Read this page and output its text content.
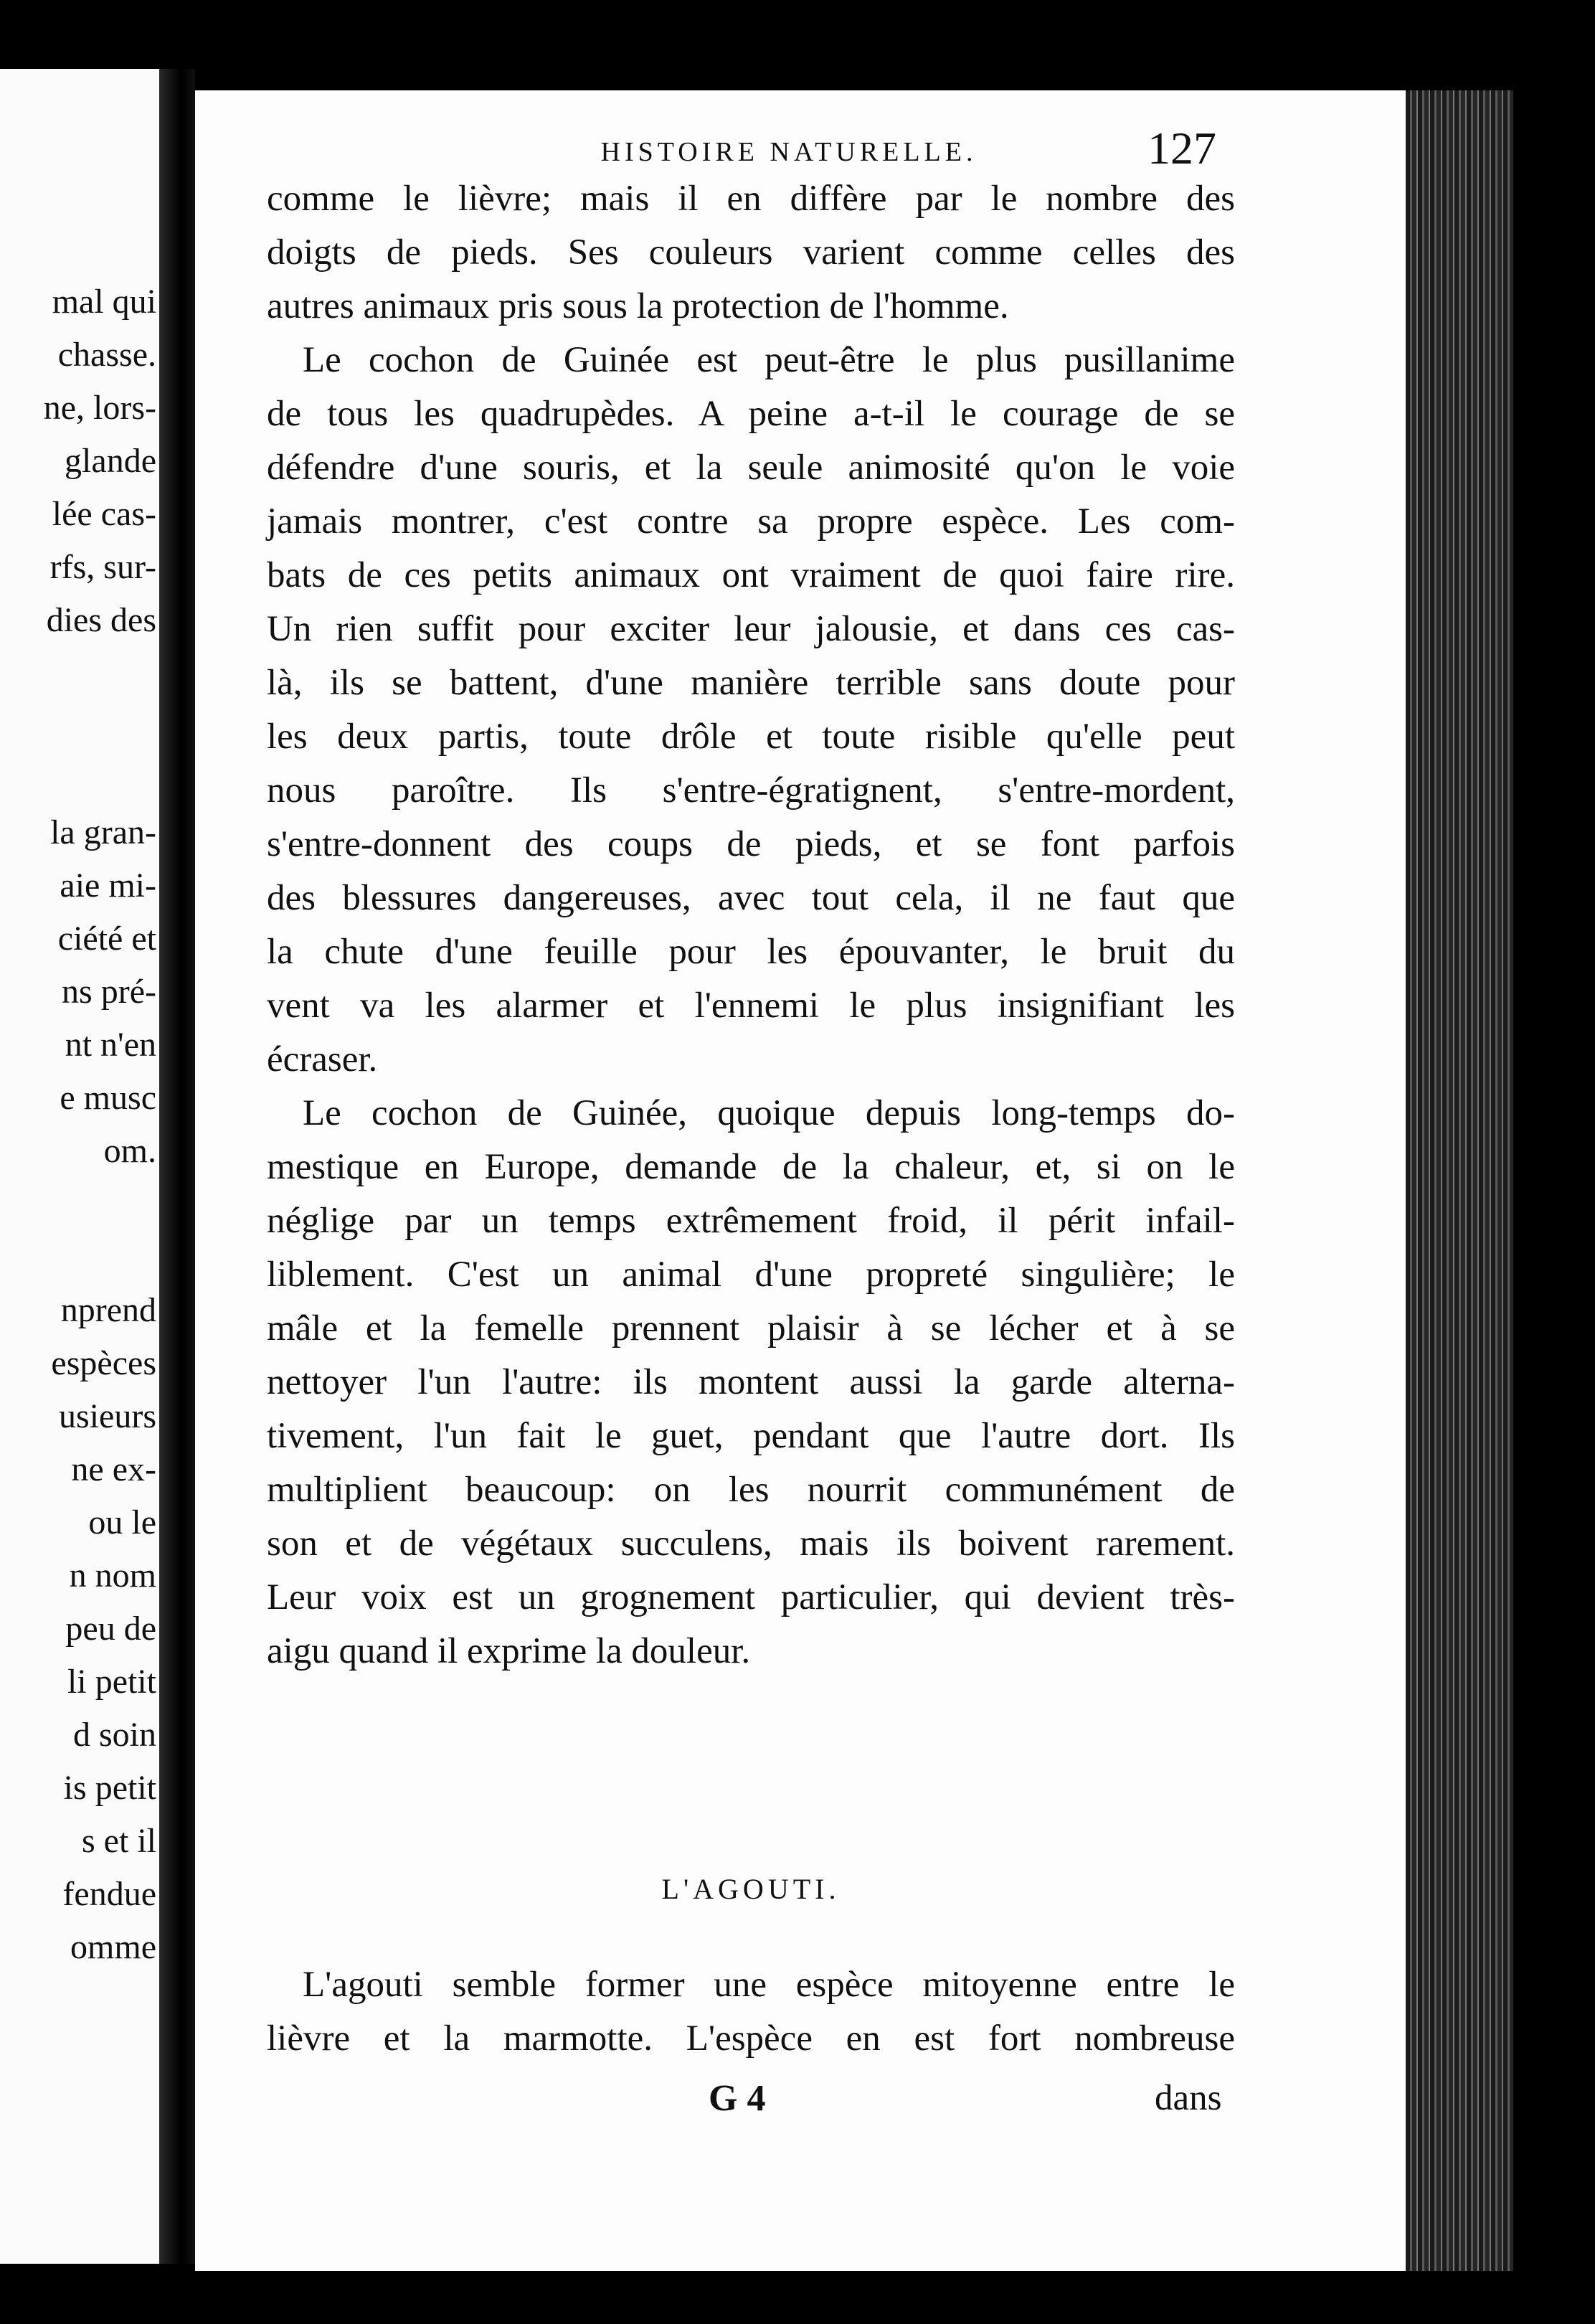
mal qui
chasse.
ne, lors-
glande
lée cas-
rfs, sur-
dies des
la gran-
aie mi-
ciété et
ns pré-
nt n'en
e musc
om.
nprend
espèces
usieurs
ne ex-
ou le
n nom
peu de
li petit
d soin
is petit
s et il
fendue
omme
HISTOIRE NATURELLE.	127
comme le lièvre; mais il en diffère par le nombre des
doigts de pieds. Ses couleurs varient comme celles des
autres animaux pris sous la protection de l'homme.
Le cochon de Guinée est peut-être le plus pusillanime
de tous les quadrupèdes. A peine a-t-il le courage de se
défendre d'une souris, et la seule animosité qu'on le voie
jamais montrer, c'est contre sa propre espèce. Les com-
bats de ces petits animaux ont vraiment de quoi faire rire.
Un rien suffit pour exciter leur jalousie, et dans ces cas-
là, ils se battent, d'une manière terrible sans doute pour
les deux partis, toute drôle et toute risible qu'elle peut
nous paroître. Ils s'entre-égratignent, s'entre-mordent,
s'entre-donnent des coups de pieds, et se font parfois
des blessures dangereuses, avec tout cela, il ne faut que
la chute d'une feuille pour les épouvanter, le bruit du
vent va les alarmer et l'ennemi le plus insignifiant les
écraser.
Le cochon de Guinée, quoique depuis long-temps do-
mestique en Europe, demande de la chaleur, et, si on le
néglige par un temps extrêmement froid, il périt infail-
liblement. C'est un animal d'une propreté singulière; le
mâle et la femelle prennent plaisir à se lécher et à se
nettoyer l'un l'autre: ils montent aussi la garde alterna-
tivement, l'un fait le guet, pendant que l'autre dort. Ils
multiplient beaucoup: on les nourrit communément de
son et de végétaux succulens, mais ils boivent rarement.
Leur voix est un grognement particulier, qui devient très-
aigu quand il exprime la douleur.
L'AGOUTI.
L'agouti semble former une espèce mitoyenne entre le
lièvre et la marmotte. L'espèce en est fort nombreuse
G 4	dans
